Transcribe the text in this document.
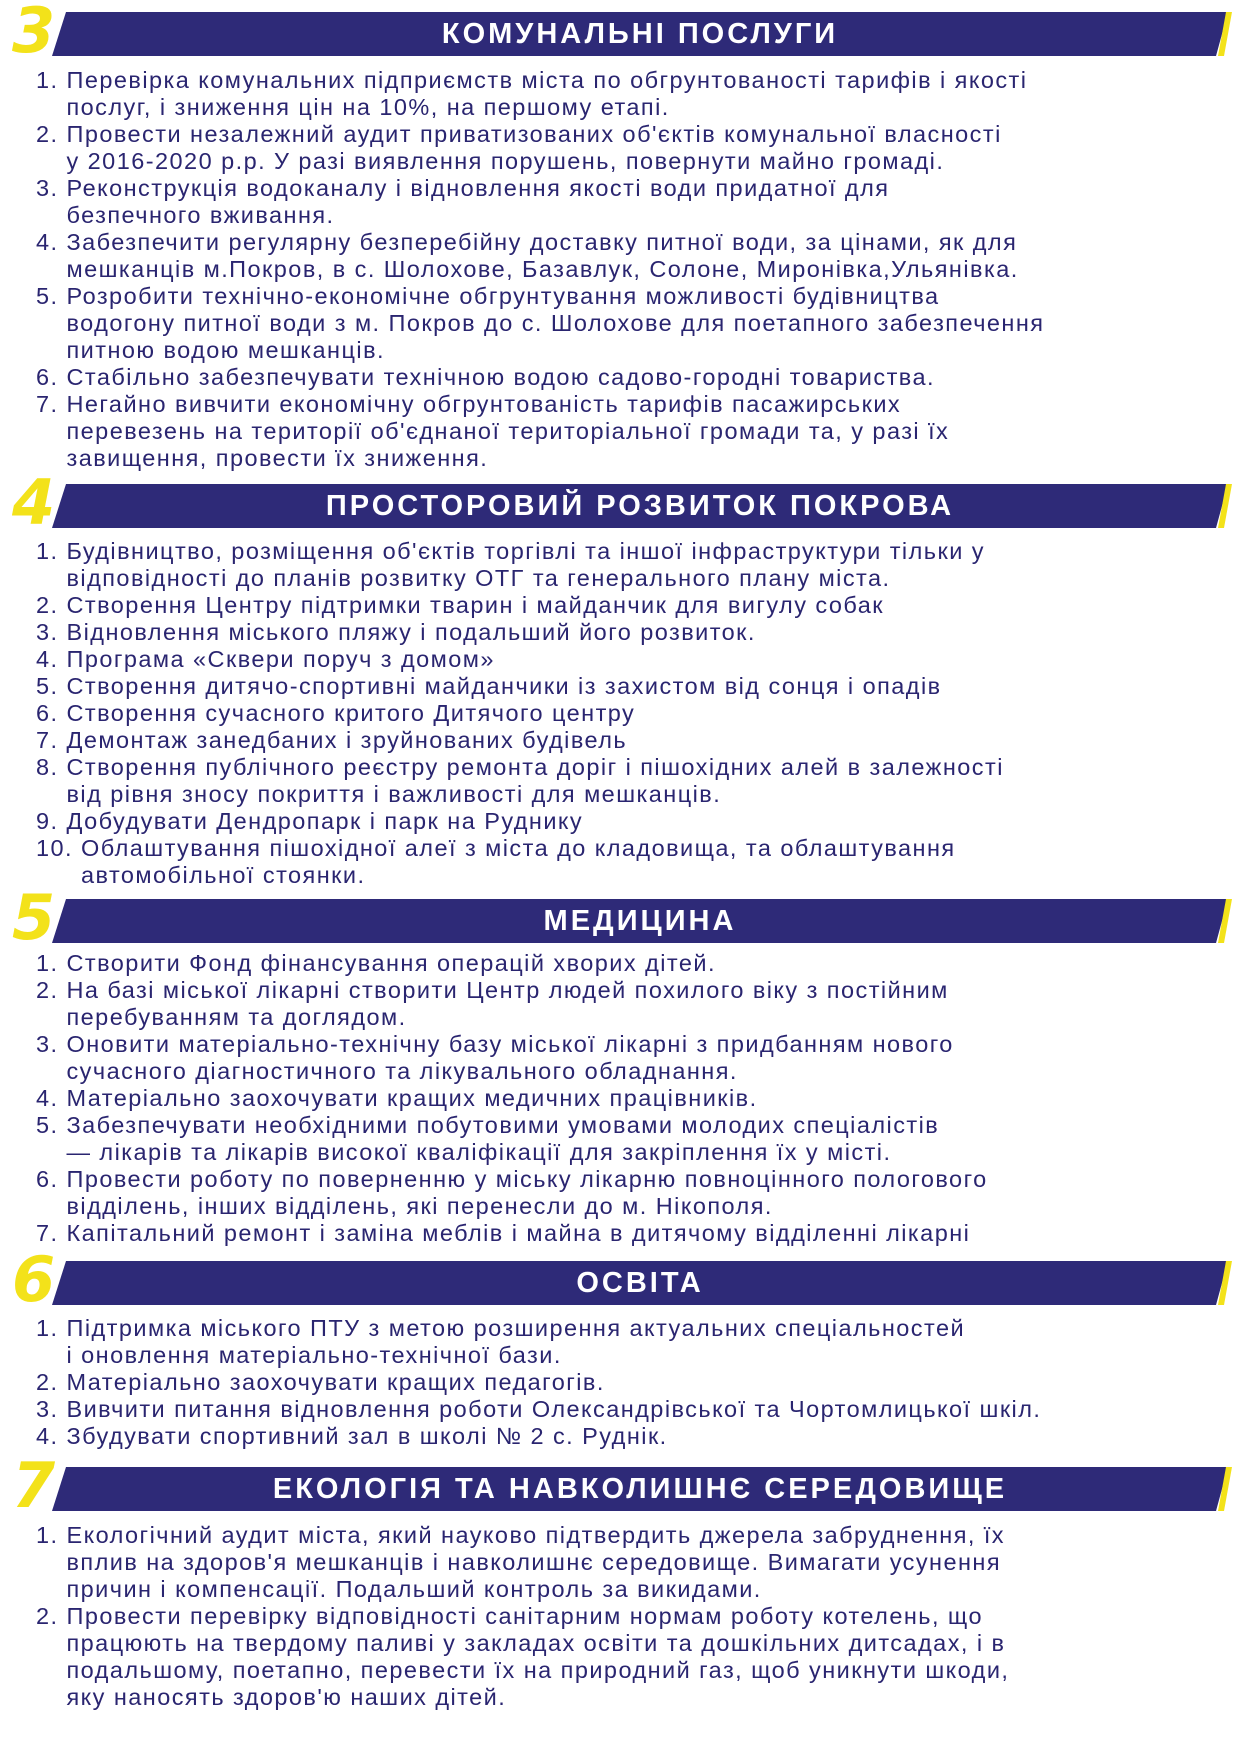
3	КОМУНАЛЬНІ ПОСЛУГИ
1. Перевірка комунальних підприємств міста по обгрунтованості тарифів і якості
послуг, і зниження цін на 10%, на першому етапі.
2. Провести незалежний аудит приватизованих об'єктів комунальної власності
у 2016-2020 р.р. У разі виявлення порушень, повернути майно громаді.
3. Реконструкція водоканалу і відновлення якості води придатної для
безпечного вживання.
4. Забезпечити регулярну безперебійну доставку питної води, за цінами, як для
мешканців м.Покров, в с. Шолохове, Базавлук, Солоне, Миронівка,Ульянівка.
5. Розробити технічно-економічне обгрунтування можливості будівництва
водогону питної води з м. Покров до с. Шолохове для поетапного забезпечення
питною водою мешканців.
6. Стабільно забезпечувати технічною водою садово-городні товариства.
7. Негайно вивчити економічну обгрунтованість тарифів пасажирських
перевезень на території об'єднаної територіальної громади та, у разі їх
завищення, провести їх зниження.
4	ПРОСТОРОВИЙ РОЗВИТОК ПОКРОВА
1. Будівництво, розміщення об'єктів торгівлі та іншої інфраструктури тільки у
відповідності до планів розвитку ОТГ та генерального плану міста.
2. Створення Центру підтримки тварин і майданчик для вигулу собак
3. Відновлення міського пляжу і подальший його розвиток.
4. Програма «Сквери поруч з домом»
5. Створення дитячо-спортивні майданчики із захистом від сонця і опадів
6. Створення сучасного критого Дитячого центру
7. Демонтаж занедбаних і зруйнованих будівель
8. Створення публічного реєстру ремонта доріг і пішохідних алей в залежності
від рівня зносу покриття і важливості для мешканців.
9. Добудувати Дендропарк і парк на Руднику
10. Облаштування пішохідної алеї з міста до кладовища, та облаштування
автомобільної стоянки.
5	МЕДИЦИНА
1. Створити Фонд фінансування операцій хворих дітей.
2. На базі міської лікарні створити Центр людей похилого віку з постійним
перебуванням та доглядом.
3. Оновити матеріально-технічну базу міської лікарні з придбанням нового
сучасного діагностичного та лікувального обладнання.
4. Матеріально заохочувати кращих медичних працівників.
5. Забезпечувати необхідними побутовими умовами молодих спеціалістів
— лікарів та лікарів високої кваліфікації для закріплення їх у місті.
6. Провести роботу по поверненню у міську лікарню повноцінного пологового
відділень, інших відділень, які перенесли до м. Нікополя.
7. Капітальний ремонт і заміна меблів і майна в дитячому відділенні лікарні
6	ОСВІТА
1. Підтримка міського ПТУ з метою розширення актуальних спеціальностей
і оновлення матеріально-технічної бази.
2. Матеріально заохочувати кращих педагогів.
3. Вивчити питання відновлення роботи Олександрівської та Чортомлицької шкіл.
4. Збудувати спортивний зал в школі № 2 с. Руднік.
7	ЕКОЛОГІЯ ТА НАВКОЛИШНЄ СЕРЕДОВИЩЕ
1. Екологічний аудит міста, який науково підтвердить джерела забруднення, їх
вплив на здоров'я мешканців і навколишнє середовище. Вимагати усунення
причин і компенсації. Подальший контроль за викидами.
2. Провести перевірку відповідності санітарним нормам роботу котелень, що
працюють на твердому паливі у закладах освіти та дошкільних дитсадах, і в
подальшому, поетапно, перевести їх на природний газ, щоб уникнути шкоди,
яку наносять здоров'ю наших дітей.
